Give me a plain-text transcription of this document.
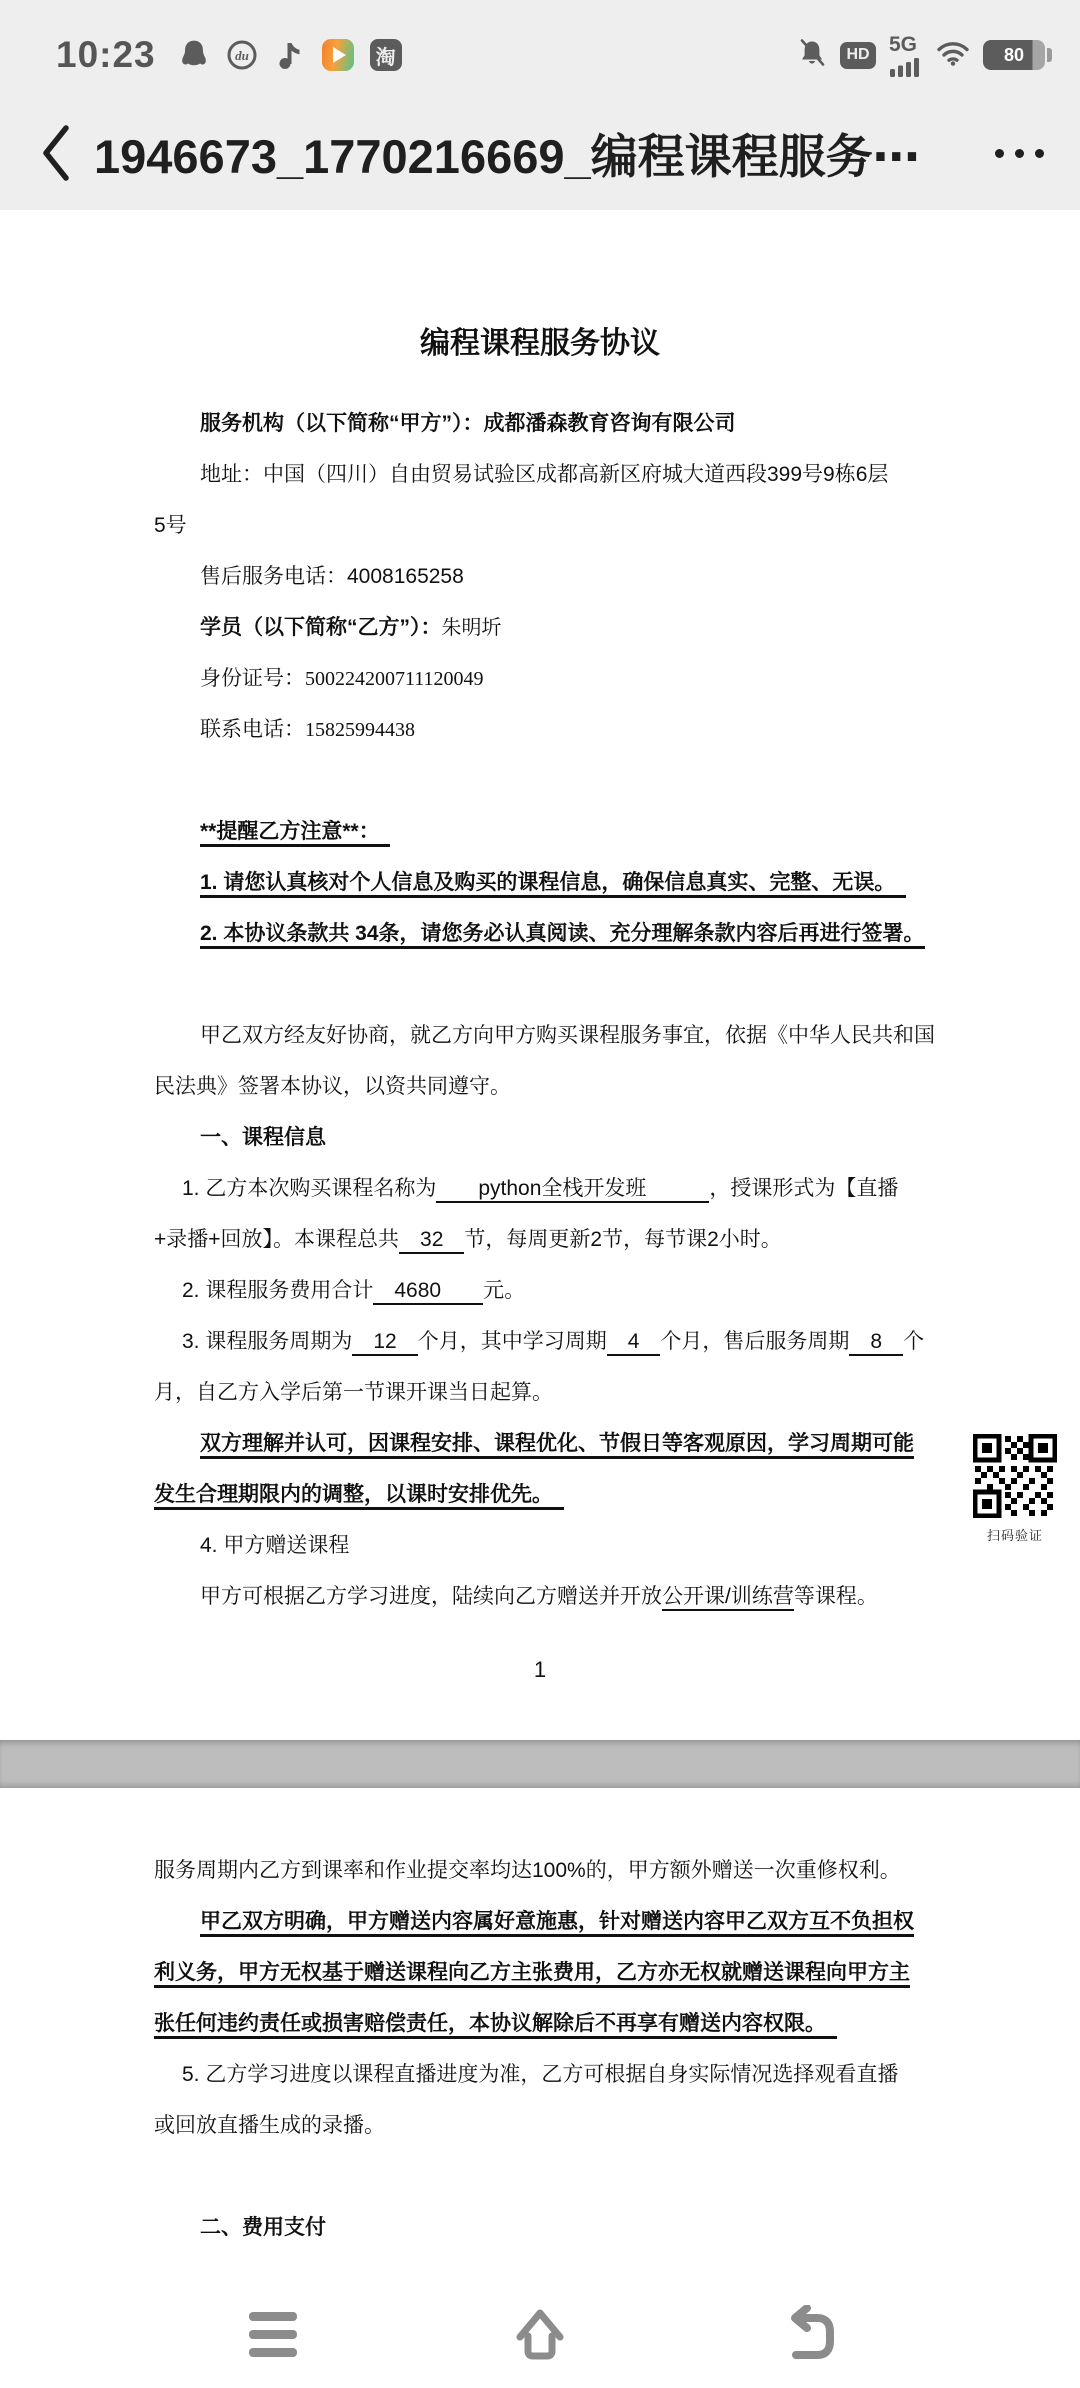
10:23	du	淘	HD 5G	80
1946673_1770216669_编程课程服务⋯
编程课程服务协议
服务机构（以下简称“甲方”）：成都潘森教育咨询有限公司
地址：中国（四川）自由贸易试验区成都高新区府城大道西段399号9栋6层
5号
售后服务电话：4008165258
学员（以下简称“乙方”）：朱明圻
身份证号：500224200711120049
联系电话：15825994438
**提醒乙方注意**：　
1. 请您认真核对个人信息及购买的课程信息，确保信息真实、完整、无误。　
2. 本协议条款共 34条，请您务必认真阅读、充分理解条款内容后再进行签署。
甲乙双方经友好协商，就乙方向甲方购买课程服务事宜，依据《中华人民共和国
民法典》签署本协议，以资共同遵守。
一、课程信息
1. 乙方本次购买课程名称为　　python全栈开发班　　　，授课形式为【直播
+录播+回放】。本课程总共　32　节，每周更新2节，每节课2小时。
2. 课程服务费用合计　4680　　元。
3. 课程服务周期为　12　个月，其中学习周期　4　个月，售后服务周期　8　个
月，自乙方入学后第一节课开课当日起算。
双方理解并认可，因课程安排、课程优化、节假日等客观原因，学习周期可能
发生合理期限内的调整，以课时安排优先。　
4. 甲方赠送课程
甲方可根据乙方学习进度，陆续向乙方赠送并开放公开课/训练营等课程。
1
扫码验证
服务周期内乙方到课率和作业提交率均达100%的，甲方额外赠送一次重修权利。
甲乙双方明确，甲方赠送内容属好意施惠，针对赠送内容甲乙双方互不负担权
利义务，甲方无权基于赠送课程向乙方主张费用，乙方亦无权就赠送课程向甲方主
张任何违约责任或损害赔偿责任，本协议解除后不再享有赠送内容权限。　
5. 乙方学习进度以课程直播进度为准，乙方可根据自身实际情况选择观看直播
或回放直播生成的录播。
二、费用支付
